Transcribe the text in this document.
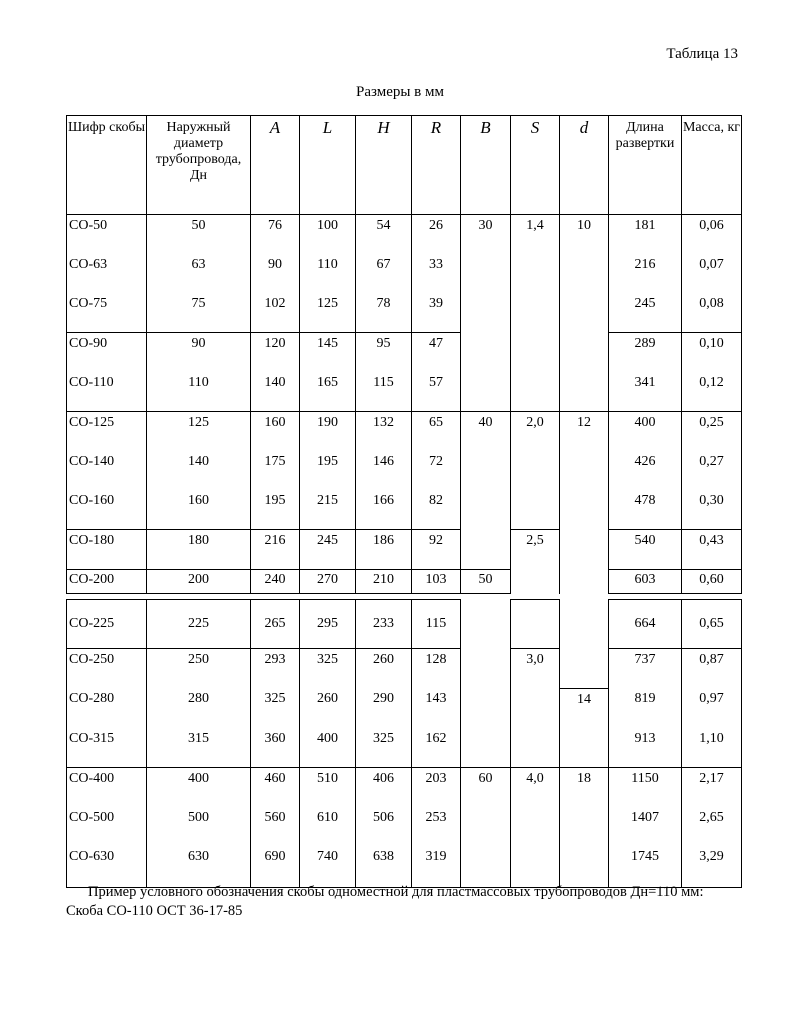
Таблица 13
Размеры в мм
Шифр скобы	Наружный диаметр трубопровода, Дн	A	L	H	R	B	S	d	Длина развертки	Масса, кг
СО-50	50	76	100	54	26	30	1,4	10	181	0,06
СО-63	63	90	110	67	33				216	0,07
СО-75	75	102	125	78	39				245	0,08
СО-90	90	120	145	95	47				289	0,10
СО-110	110	140	165	115	57				341	0,12
СО-125	125	160	190	132	65	40	2,0	12	400	0,25
СО-140	140	175	195	146	72				426	0,27
СО-160	160	195	215	166	82				478	0,30
СО-180	180	216	245	186	92		2,5		540	0,43
СО-200	200	240	270	210	103	50			603	0,60

СО-225	225	265	295	233	115				664	0,65
СО-250	250	293	325	260	128		3,0		737	0,87
СО-280	280	325	260	290	143			14	819	0,97
СО-315	315	360	400	325	162				913	1,10
СО-400	400	460	510	406	203	60	4,0	18	1150	2,17
СО-500	500	560	610	506	253				1407	2,65
СО-630	630	690	740	638	319				1745	3,29

Пример условного обозначения скобы одноместной для пластмассовых трубопроводов Дн=110 мм: Скоба СО-110 ОСТ 36-17-85
